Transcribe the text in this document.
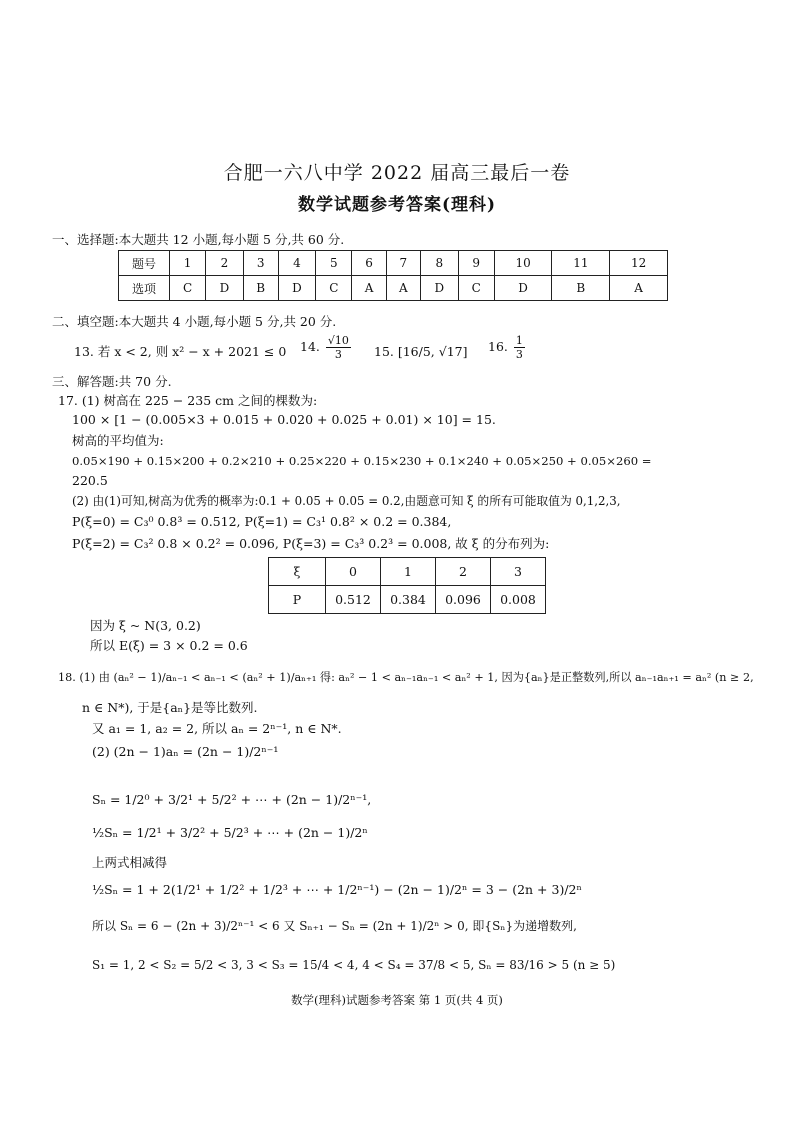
合肥一六八中学 2022 届高三最后一卷
数学试题参考答案(理科)
一、选择题:本大题共 12 小题,每小题 5 分,共 60 分.
题号	1	2	3	4	5	6	7	8	9	10	11	12
选项	C	D	B	D	C	A	A	D	C	D	B	A
二、填空题:本大题共 4 小题,每小题 5 分,共 20 分.
13. 若 x < 2, 则 x² − x + 2021 ≤ 0 14. $\frac{√10}{3} 15$. [16/5, √17] 16. $\frac{1}{3}$
三、解答题:共 70 分.
17. (1) 树高在 225 − 235 cm 之间的棵数为:
100 × [1 − (0.005×3 + 0.015 + 0.020 + 0.025 + 0.01) × 10] = 15.
树高的平均值为:
0.05×190 + 0.15×200 + 0.2×210 + 0.25×220 + 0.15×230 + 0.1×240 + 0.05×250 + 0.05×260 =
220.5
(2) 由(1)可知,树高为优秀的概率为:0.1 + 0.05 + 0.05 = 0.2,由题意可知 ξ 的所有可能取值为 0,1,2,3,
P(ξ=0) = C₃⁰ 0.8³ = 0.512, P(ξ=1) = C₃¹ 0.8² × 0.2 = 0.384,
P(ξ=2) = C₃² 0.8 × 0.2² = 0.096, P(ξ=3) = C₃³ 0.2³ = 0.008, 故 ξ 的分布列为:
ξ	0	1	2	3
P	0.512	0.384	0.096	0.008
因为 ξ ~ N(3, 0.2)
所以 E(ξ) = 3 × 0.2 = 0.6
18. (1) 由 (aₙ² − 1)/aₙ₋₁ < aₙ₋₁ < (aₙ² + 1)/aₙ₊₁ 得: aₙ² − 1 < aₙ₋₁aₙ₋₁ < aₙ² + 1, 因为{aₙ}是正整数列,所以 aₙ₋₁aₙ₊₁ = aₙ² (n ≥ 2,
n ∈ N*), 于是{aₙ}是等比数列.
又 a₁ = 1, a₂ = 2, 所以 aₙ = 2ⁿ⁻¹, n ∈ N*.
(2) (2n − 1)aₙ = (2n − 1)/2ⁿ⁻¹
Sₙ = 1/2⁰ + 3/2¹ + 5/2² + ⋯ + (2n − 1)/2ⁿ⁻¹,
½Sₙ = 1/2¹ + 3/2² + 5/2³ + ⋯ + (2n − 1)/2ⁿ
上两式相减得
½Sₙ = 1 + 2(1/2¹ + 1/2² + 1/2³ + ⋯ + 1/2ⁿ⁻¹) − (2n − 1)/2ⁿ = 3 − (2n + 3)/2ⁿ
所以 Sₙ = 6 − (2n + 3)/2ⁿ⁻¹ < 6 又 Sₙ₊₁ − Sₙ = (2n + 1)/2ⁿ > 0, 即{Sₙ}为递增数列,
S₁ = 1, 2 < S₂ = 5/2 < 3, 3 < S₃ = 15/4 < 4, 4 < S₄ = 37/8 < 5, Sₙ = 83/16 > 5 (n ≥ 5)
数学(理科)试题参考答案 第 1 页(共 4 页)
